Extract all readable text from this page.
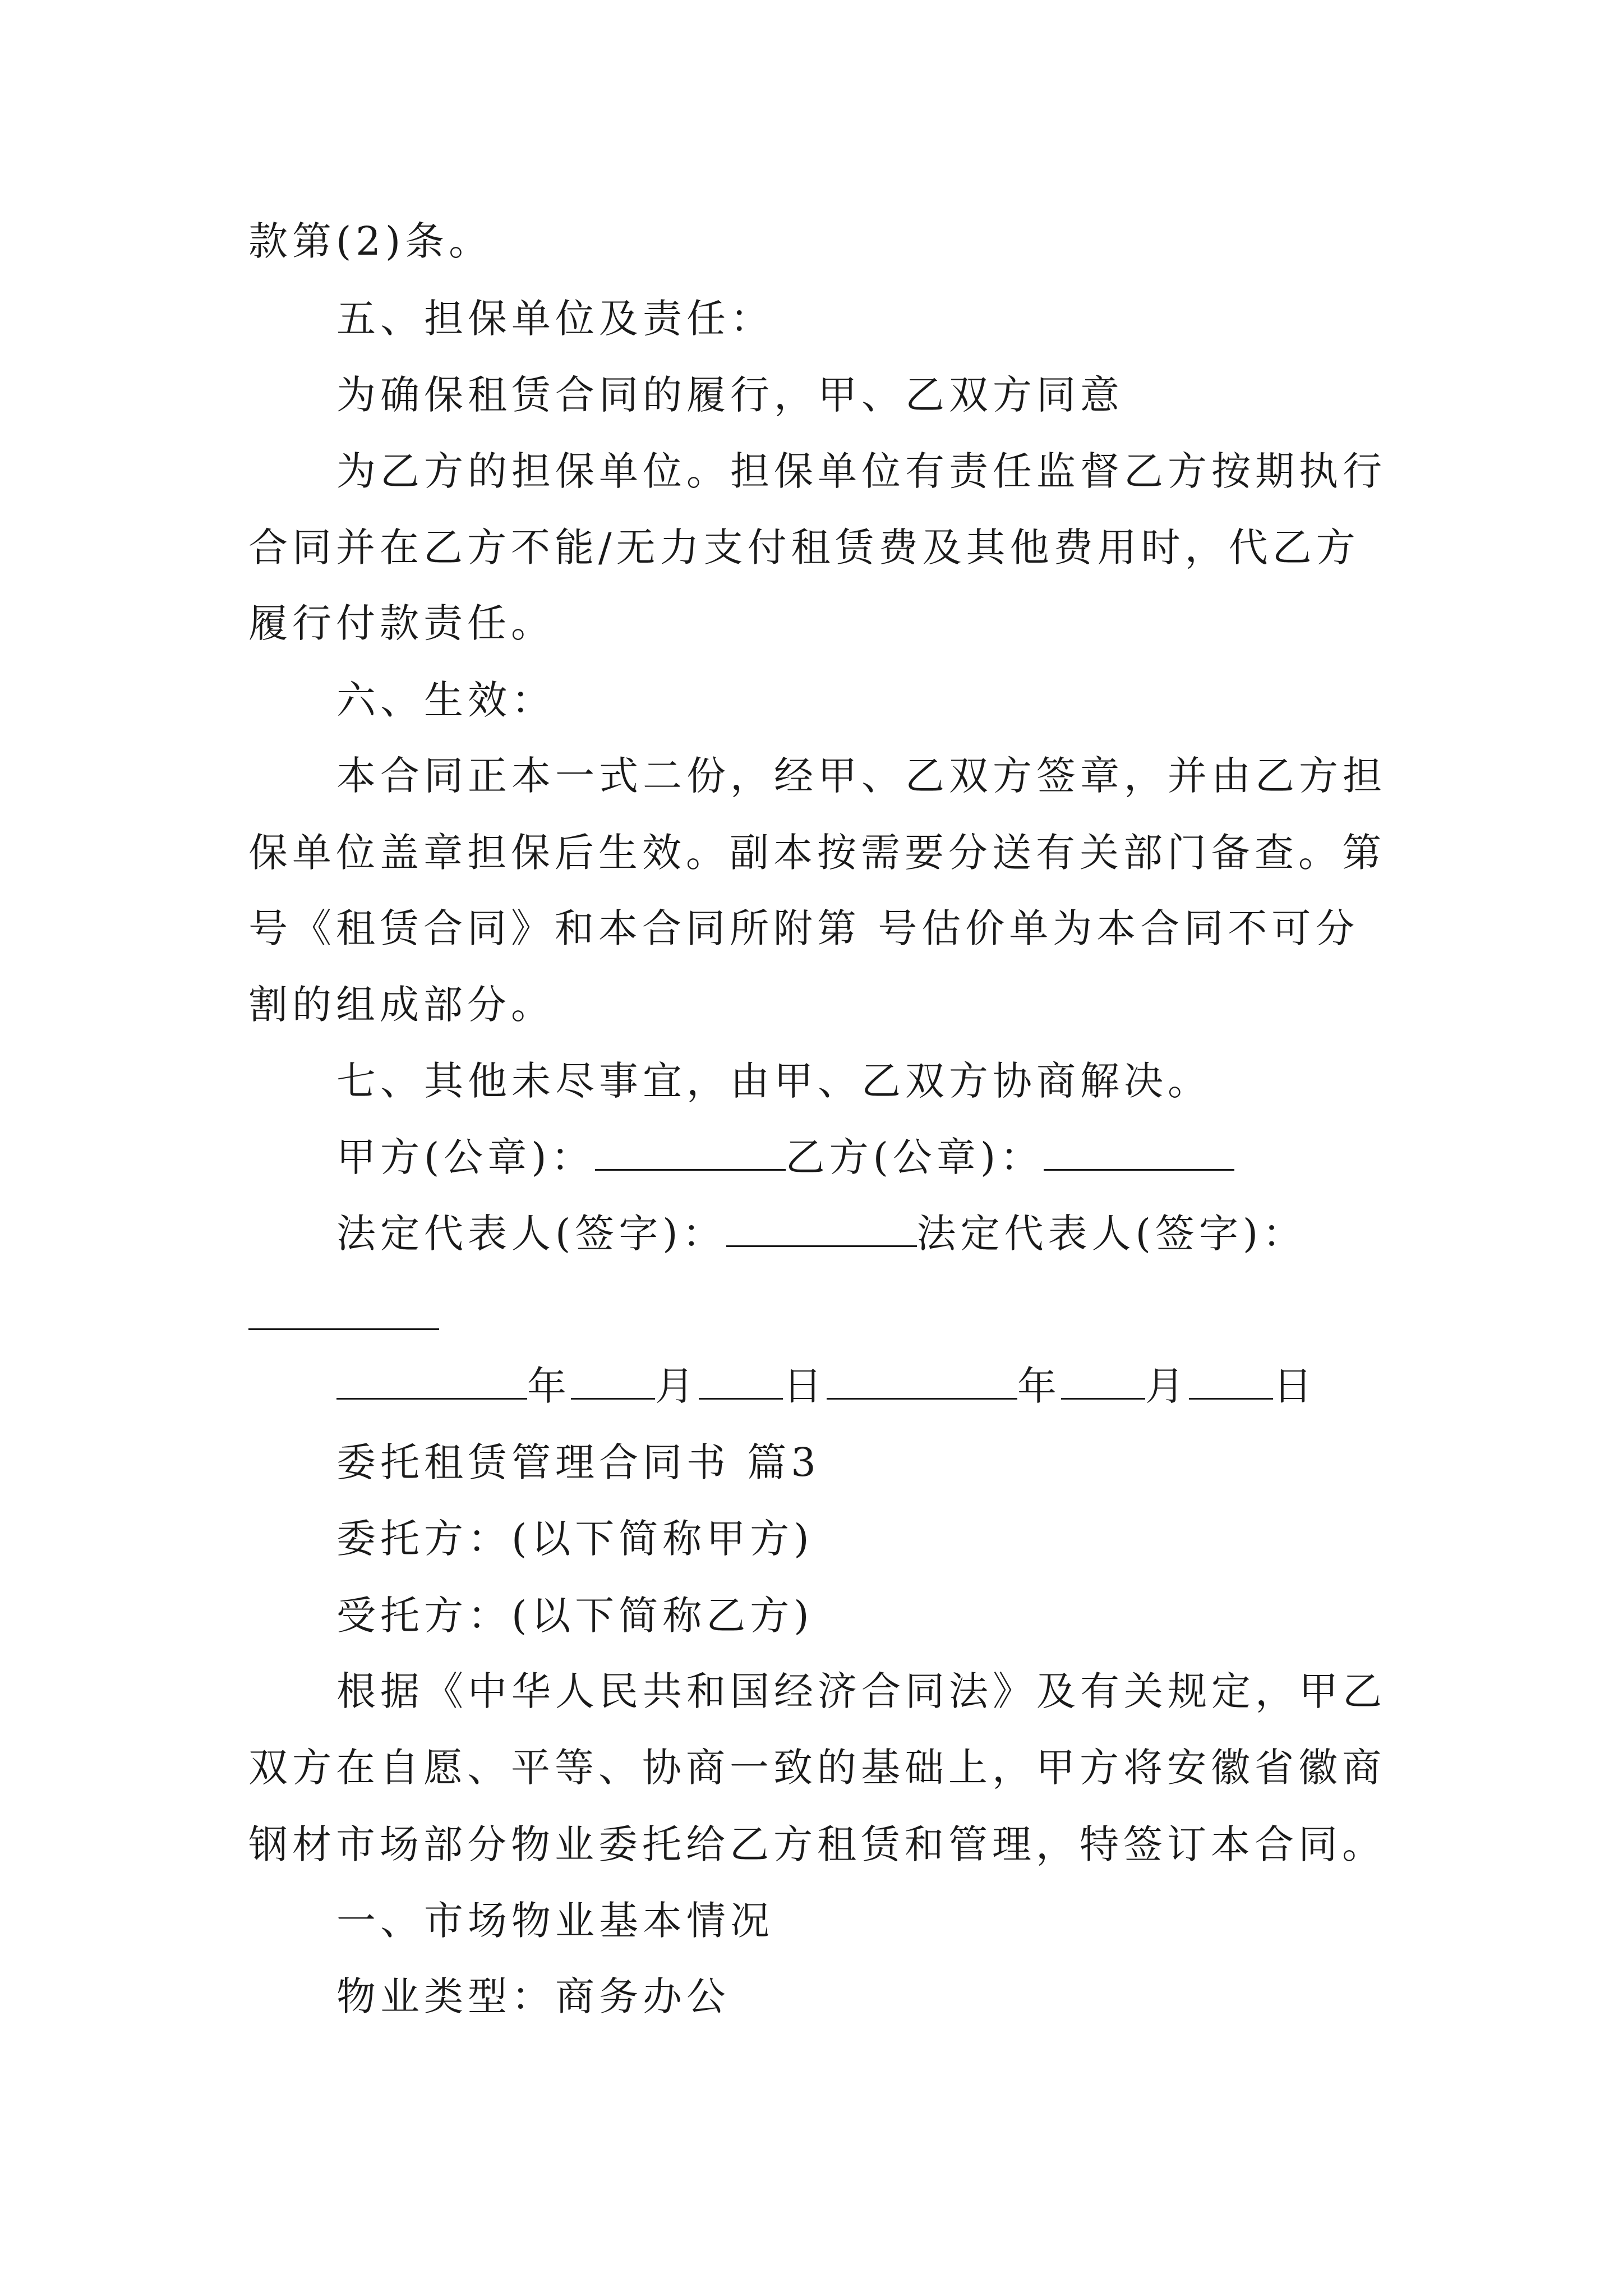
款第(2)条。
五、担保单位及责任：
为确保租赁合同的履行，甲、乙双方同意
为乙方的担保单位。担保单位有责任监督乙方按期执行
合同并在乙方不能/无力支付租赁费及其他费用时，代乙方
履行付款责任。
六、生效：
本合同正本一式二份，经甲、乙双方签章，并由乙方担
保单位盖章担保后生效。副本按需要分送有关部门备查。第
号《租赁合同》和本合同所附第 号估价单为本合同不可分
割的组成部分。
七、其他未尽事宜，由甲、乙双方协商解决。
甲方(公章)：	乙方(公章)：
法定代表人(签字)：	法定代表人(签字)：
年 月 日	年 月 日
委托租赁管理合同书 篇3
委托方：(以下简称甲方)
受托方：(以下简称乙方)
根据《中华人民共和国经济合同法》及有关规定，甲乙
双方在自愿、平等、协商一致的基础上，甲方将安徽省徽商
钢材市场部分物业委托给乙方租赁和管理，特签订本合同。
一、市场物业基本情况
物业类型：商务办公
